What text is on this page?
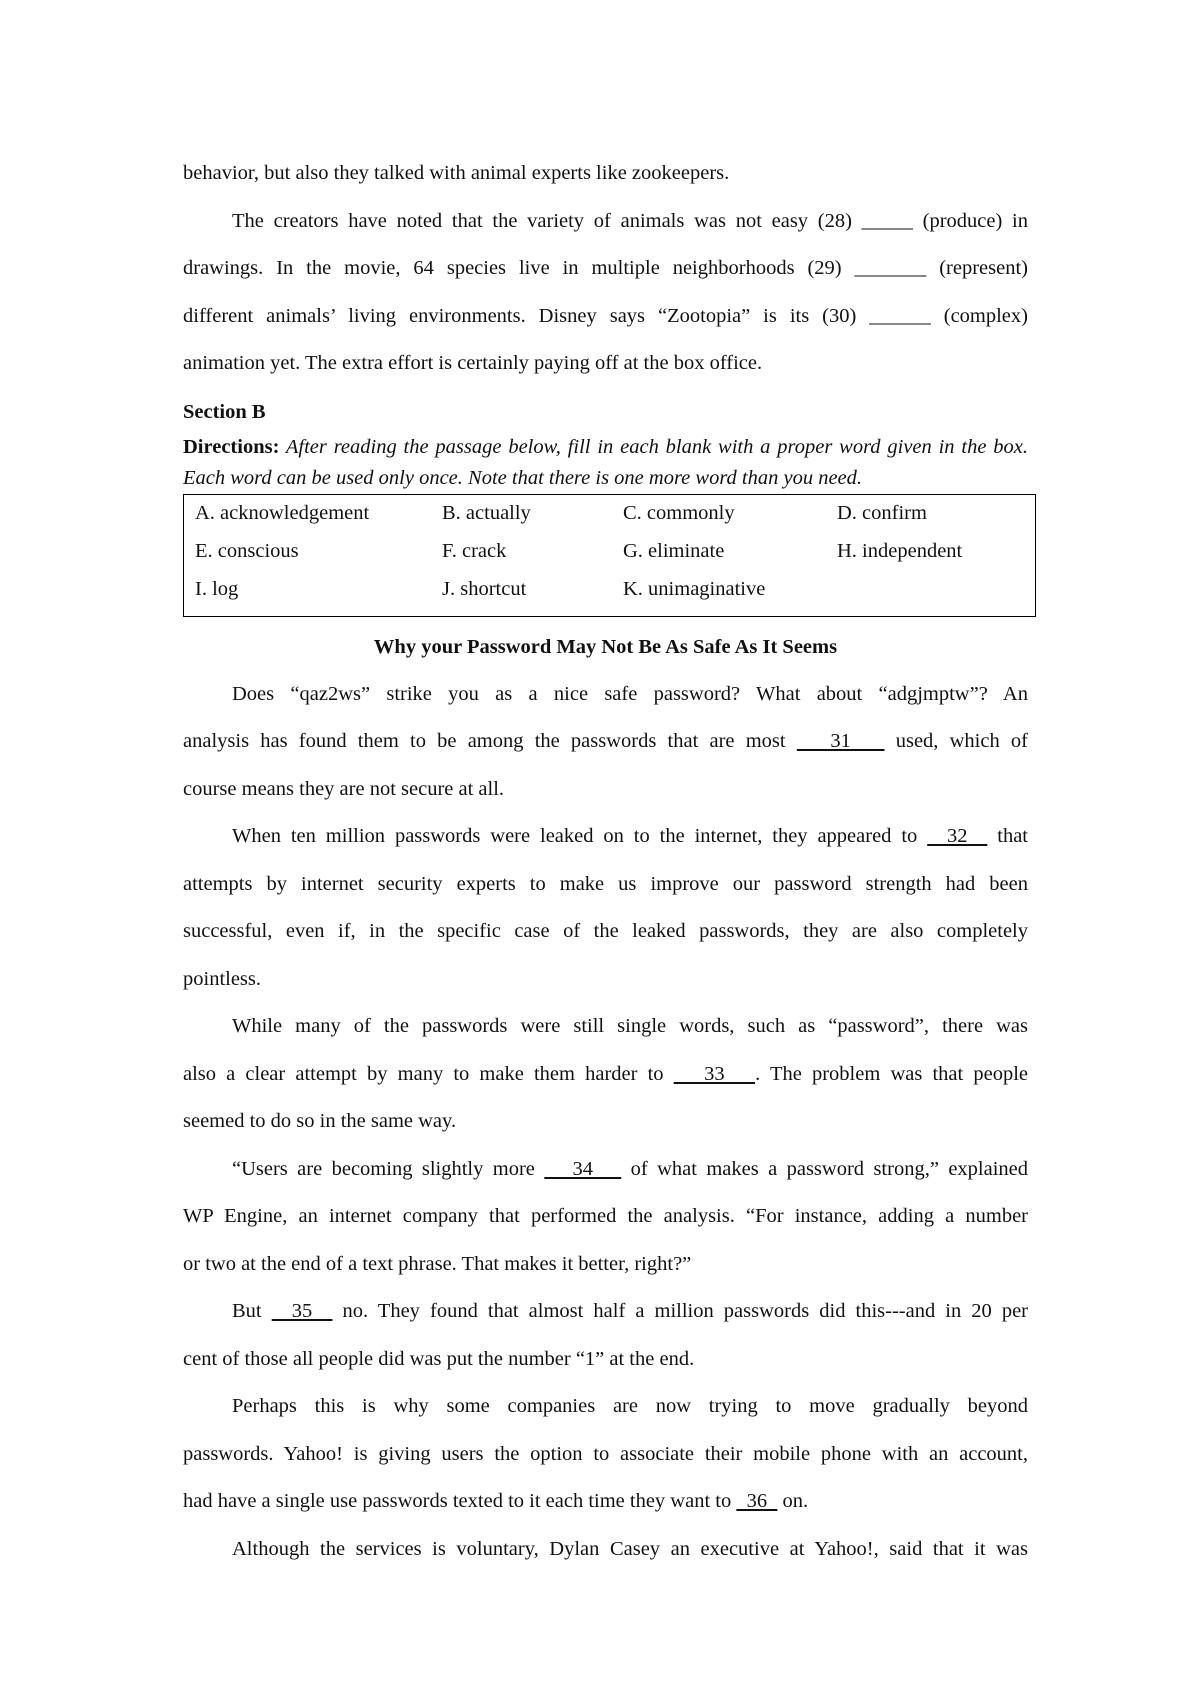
behavior, but also they talked with animal experts like zookeepers.

The creators have noted that the variety of animals was not easy (28) _____ (produce) in

drawings. In the movie, 64 species live in multiple neighborhoods (29) _______ (represent)

different animals’ living environments. Disney says “Zootopia” is its (30) ______ (complex)

animation yet. The extra effort is certainly paying off at the box office.

Section B

Directions: After reading the passage below, fill in each blank with a proper word given in the box. Each word can be used only once. Note that there is one more word than you need.

A. acknowledgement	B. actually	C. commonly	D. confirm
E. conscious	F. crack	G. eliminate	H. independent
I. log	J. shortcut	K. unimaginative

Why your Password May Not Be As Safe As It Seems

Does “qaz2ws” strike you as a nice safe password? What about “adgjmptw”? An

analysis has found them to be among the passwords that are most    31    used, which of

course means they are not secure at all.

When ten million passwords were leaked on to the internet, they appeared to   32   that

attempts by internet security experts to make us improve our password strength had been

successful, even if, in the specific case of the leaked passwords, they are also completely

pointless.

While many of the passwords were still single words, such as “password”, there was

also a clear attempt by many to make them harder to    33   . The problem was that people

seemed to do so in the same way.

“Users are becoming slightly more    34    of what makes a password strong,” explained

WP Engine, an internet company that performed the analysis. “For instance, adding a number

or two at the end of a text phrase. That makes it better, right?”

But   35   no. They found that almost half a million passwords did this---and in 20 per

cent of those all people did was put the number “1” at the end.

Perhaps this is why some companies are now trying to move gradually beyond

passwords. Yahoo! is giving users the option to associate their mobile phone with an account,

had have a single use passwords texted to it each time they want to   36   on.

Although the services is voluntary, Dylan Casey an executive at Yahoo!, said that it was
